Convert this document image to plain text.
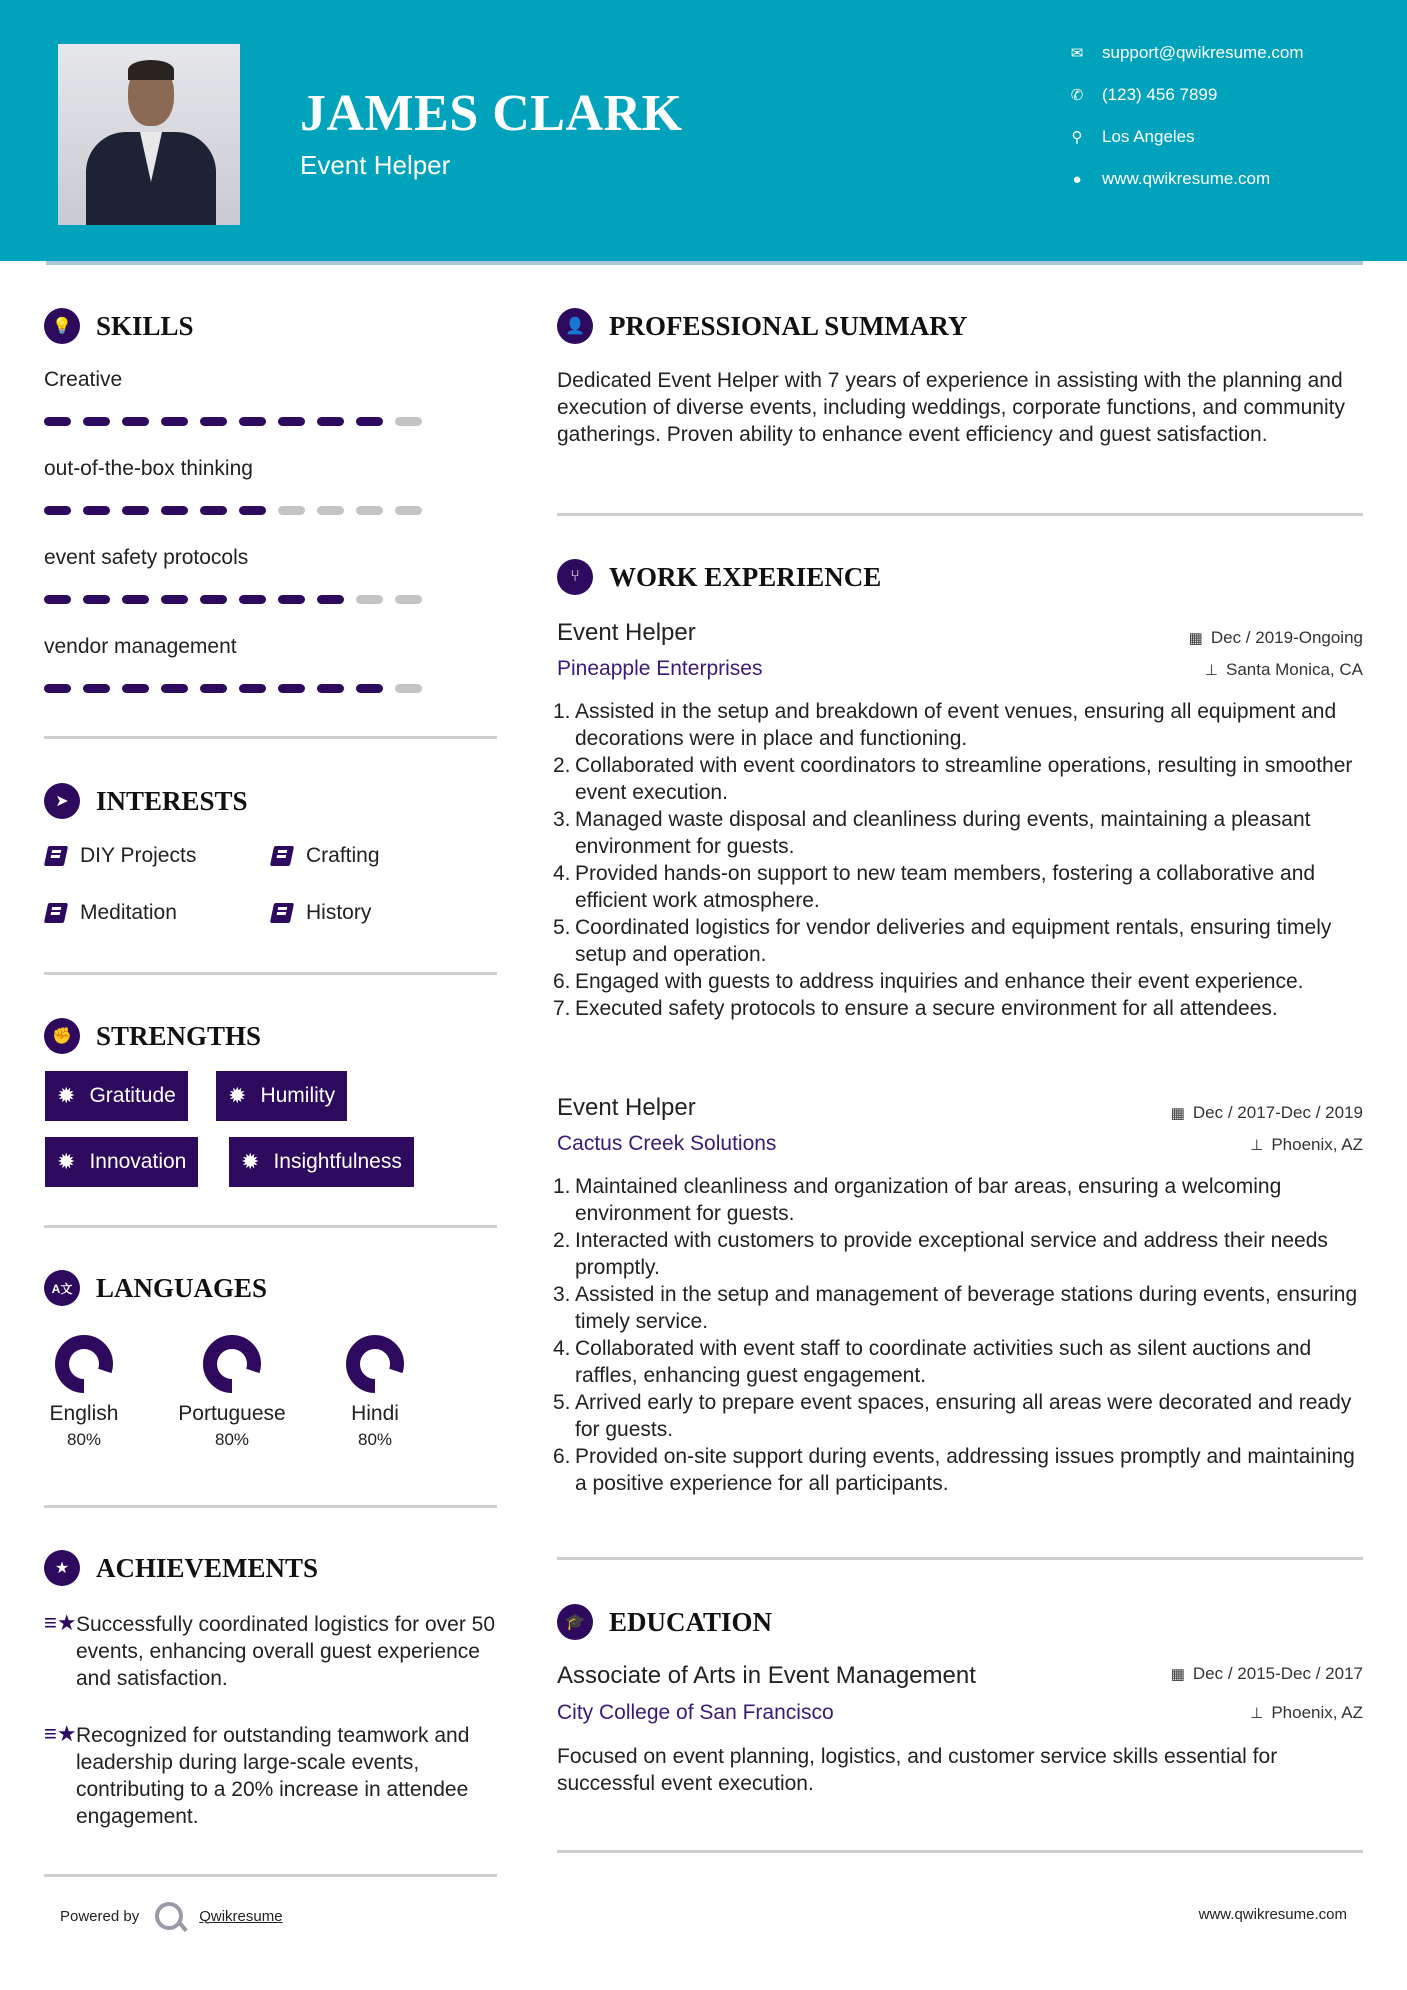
JAMES CLARK
Event Helper
✉ support@qwikresume.com
✆ (123) 456 7899
⚲	Los Angeles
●	www.qwikresume.com
💡 SKILLS
Creative
out-of-the-box thinking
event safety protocols
vendor management
➤	INTERESTS
DIY Projects	Crafting
Meditation	History
✊ STRENGTHS
✹ Gratitude ✹ Humility
✹ Innovation ✹ Insightfulness
A文 LANGUAGES
English
80%
Portuguese
80%
Hindi
80%
★ ACHIEVEMENTS
≡★ Successfully coordinated logistics for over 50 events, enhancing overall guest experience and satisfaction.
≡★ Recognized for outstanding teamwork and leadership during large-scale events, contributing to a 20% increase in attendee engagement.
👤 PROFESSIONAL SUMMARY
Dedicated Event Helper with 7 years of experience in assisting with the planning and execution of diverse events, including weddings, corporate functions, and community gatherings. Proven ability to enhance event efficiency and guest satisfaction.
⑂	WORK EXPERIENCE
Event Helper	▦ Dec / 2019-Ongoing
Pineapple Enterprises	⊥ Santa Monica, CA
1. Assisted in the setup and breakdown of event venues, ensuring all equipment and decorations were in place and functioning.
2. Collaborated with event coordinators to streamline operations, resulting in smoother event execution.
3. Managed waste disposal and cleanliness during events, maintaining a pleasant environment for guests.
4. Provided hands-on support to new team members, fostering a collaborative and efficient work atmosphere.
5. Coordinated logistics for vendor deliveries and equipment rentals, ensuring timely setup and operation.
6. Engaged with guests to address inquiries and enhance their event experience.
7. Executed safety protocols to ensure a secure environment for all attendees.
Event Helper	▦ Dec / 2017-Dec / 2019
Cactus Creek Solutions	⊥ Phoenix, AZ
1. Maintained cleanliness and organization of bar areas, ensuring a welcoming environment for guests.
2. Interacted with customers to provide exceptional service and address their needs promptly.
3. Assisted in the setup and management of beverage stations during events, ensuring timely service.
4. Collaborated with event staff to coordinate activities such as silent auctions and raffles, enhancing guest engagement.
5. Arrived early to prepare event spaces, ensuring all areas were decorated and ready for guests.
6. Provided on-site support during events, addressing issues promptly and maintaining a positive experience for all participants.
🎓 EDUCATION
Associate of Arts in Event Management	▦ Dec / 2015-Dec / 2017
City College of San Francisco	⊥ Phoenix, AZ
Focused on event planning, logistics, and customer service skills essential for successful event execution.
Powered by	Qwikresume	www.qwikresume.com
